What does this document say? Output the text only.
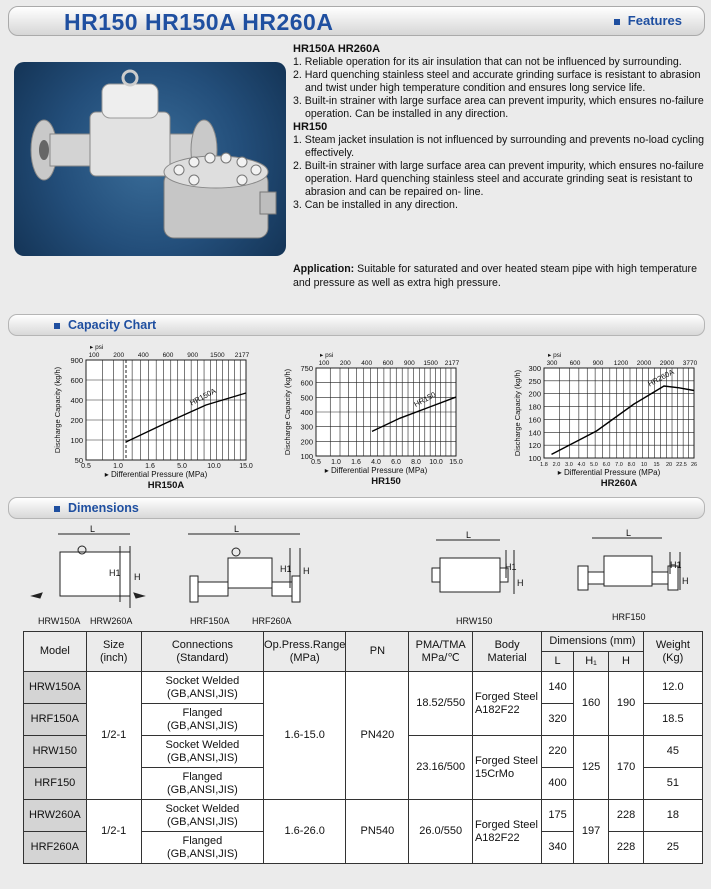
HR150 HR150A HR260A	Features
HR150A HR260A
1. Reliable operation for its air insulation that can not be influenced by surrounding.
2. Hard quenching stainless steel and accurate grinding surface is resistant to abrasion and twist under high temperature condition and ensures long service life.
3. Built-in strainer with large surface area can prevent impurity, which ensures no-failure operation. Can be installed in any direction.
HR150
1. Steam jacket insulation is not influenced by surrounding and prevents no-load cycling effectively.
2. Built-in strainer with large surface area can prevent impurity, which ensures no-failure operation. Hard quenching stainless steel and accurate grinding seat is resistant to abrasion and can be repaired on- line.
3. Can be installed in any direction.
Application: Suitable for saturated and over heated steam pipe with high temperature and pressure as well as extra high pressure.
Capacity Chart
900
600
400
200
100
50
0.5	1.0	1.6	5.0	10.0	15.0
100 200 400 600 900 1500 2177
▸ psi
Discharge Capacity (kg/h)
▸ Differential Pressure (MPa)
HR150A
HR150A
750
600
500
400
300
200
100
0.5 1.0 1.6 4.0 6.0 8.0 10.0 15.0
100 200 400 600 900 1500 2177
▸ psi
Discharge Capacity (kg/h)
▸ Differential Pressure (MPa)
HR150
HR150
300
250
200
180
160
140
120
100
1.8 2.0 3.0 4.0 5.0 6.0 7.0 8.0 10 15 20 22.5 26
300 600 900 1200 2000 2900 3770
▸ psi
Discharge Capacity (kg/h)
▸ Differential Pressure (MPa)
HR260A
HR260A
Dimensions
L
H1 H
L
H1 H
L
H1
H
L
H1
H
HRW150A HRW260A	HRF150A HRF260A	HRW150	HRF150
Model	Size
(inch)	Connections
(Standard)	Op.Press.Range
(MPa)	PN	PMA/TMA
MPa/℃	Body
Material	Dimensions (mm)			Weight
(Kg)
							L	H₁	H	
HRW150A	1/2-1	Socket Welded
(GB,ANSI,JIS)	1.6-15.0	PN420	18.52/550	Forged Steel
A182F22	140	160	190	12.0
HRF150A		Flanged
(GB,ANSI,JIS)					320			18.5
HRW150		Socket Welded
(GB,ANSI,JIS)			23.16/500	Forged Steel
15CrMo	220	125	170	45
HRF150		Flanged
(GB,ANSI,JIS)					400			51
HRW260A	1/2-1	Socket Welded
(GB,ANSI,JIS)	1.6-26.0	PN540	26.0/550	Forged Steel
A182F22	175	197	228	18
HRF260A		Flanged
(GB,ANSI,JIS)					340		228	25
